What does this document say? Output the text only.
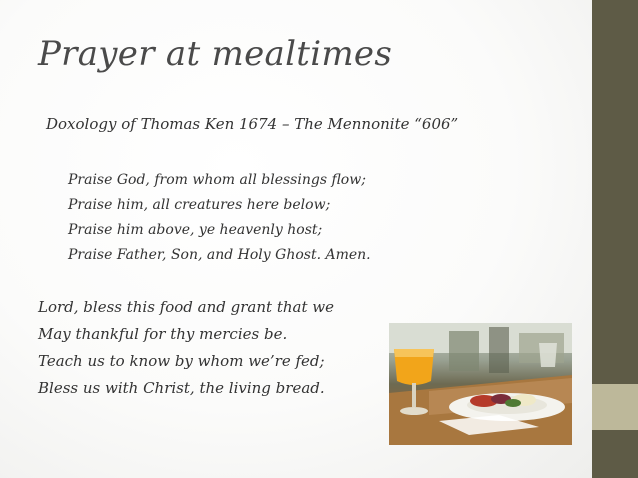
Prayer at mealtimes
Doxology of Thomas Ken 1674 – The Mennonite “606”
Praise God, from whom all blessings flow;
Praise him, all creatures here below;
Praise him above, ye heavenly host;
Praise Father, Son, and Holy Ghost. Amen.
Lord, bless this food and grant that we
May thankful for thy mercies be.
Teach us to know by whom we’re fed;
Bless us with Christ, the living bread.
